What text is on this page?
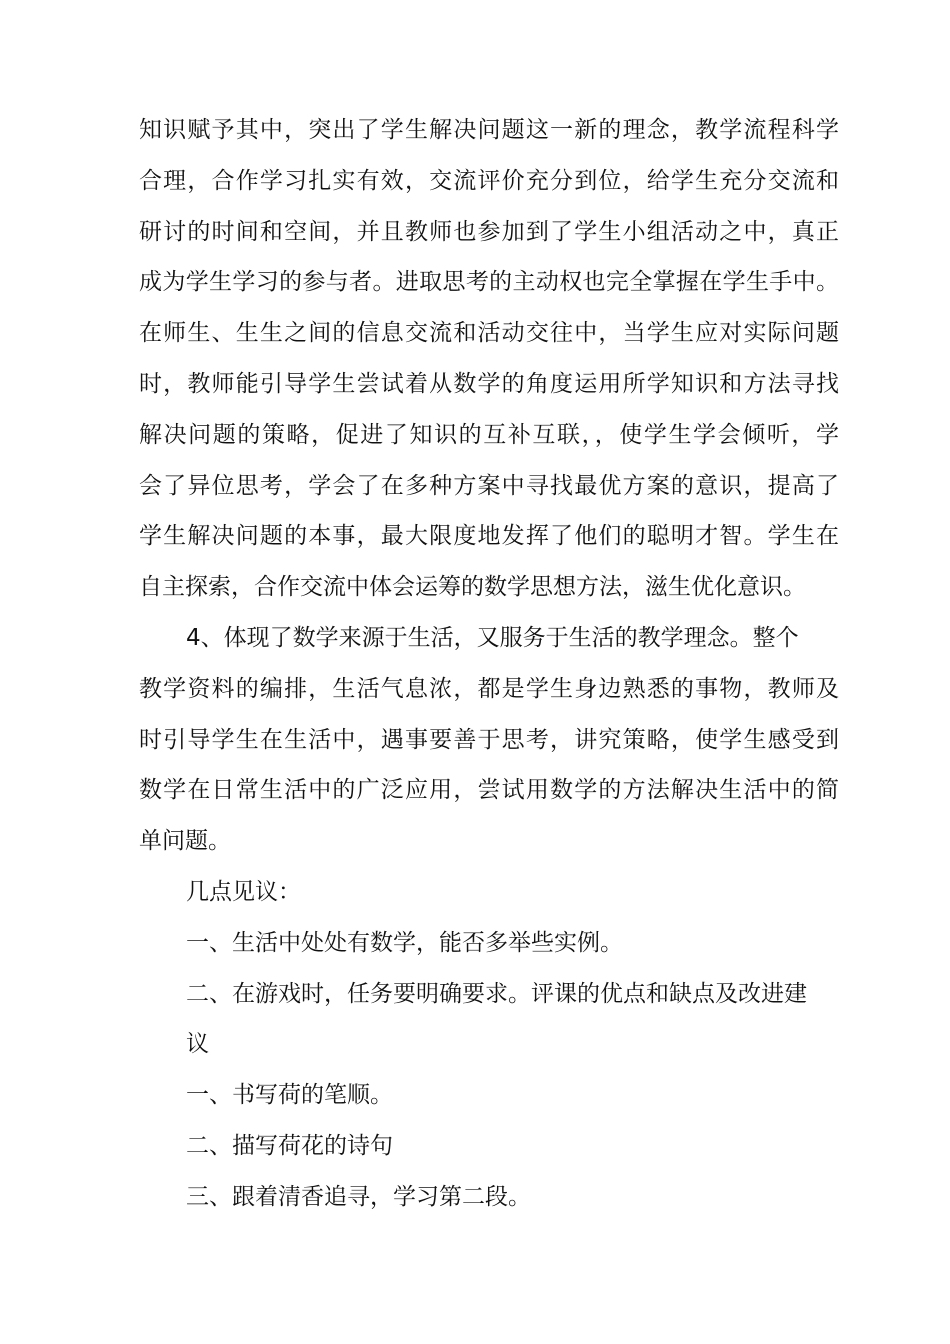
知识赋予其中，突出了学生解决问题这一新的理念，教学流程科学
合理，合作学习扎实有效，交流评价充分到位，给学生充分交流和
研讨的时间和空间，并且教师也参加到了学生小组活动之中，真正
成为学生学习的参与者。进取思考的主动权也完全掌握在学生手中。
在师生、生生之间的信息交流和活动交往中，当学生应对实际问题
时，教师能引导学生尝试着从数学的角度运用所学知识和方法寻找
解决问题的策略，促进了知识的互补互联，，使学生学会倾听，学
会了异位思考，学会了在多种方案中寻找最优方案的意识，提高了
学生解决问题的本事，最大限度地发挥了他们的聪明才智。学生在
自主探索，合作交流中体会运筹的数学思想方法，滋生优化意识。
4、体现了数学来源于生活，又服务于生活的教学理念。整个
教学资料的编排，生活气息浓，都是学生身边熟悉的事物，教师及
时引导学生在生活中，遇事要善于思考，讲究策略，使学生感受到
数学在日常生活中的广泛应用，尝试用数学的方法解决生活中的简
单问题。
几点见议：
一、生活中处处有数学，能否多举些实例。
二、在游戏时，任务要明确要求。评课的优点和缺点及改进建
议
一、书写荷的笔顺。
二、描写荷花的诗句
三、跟着清香追寻，学习第二段。
